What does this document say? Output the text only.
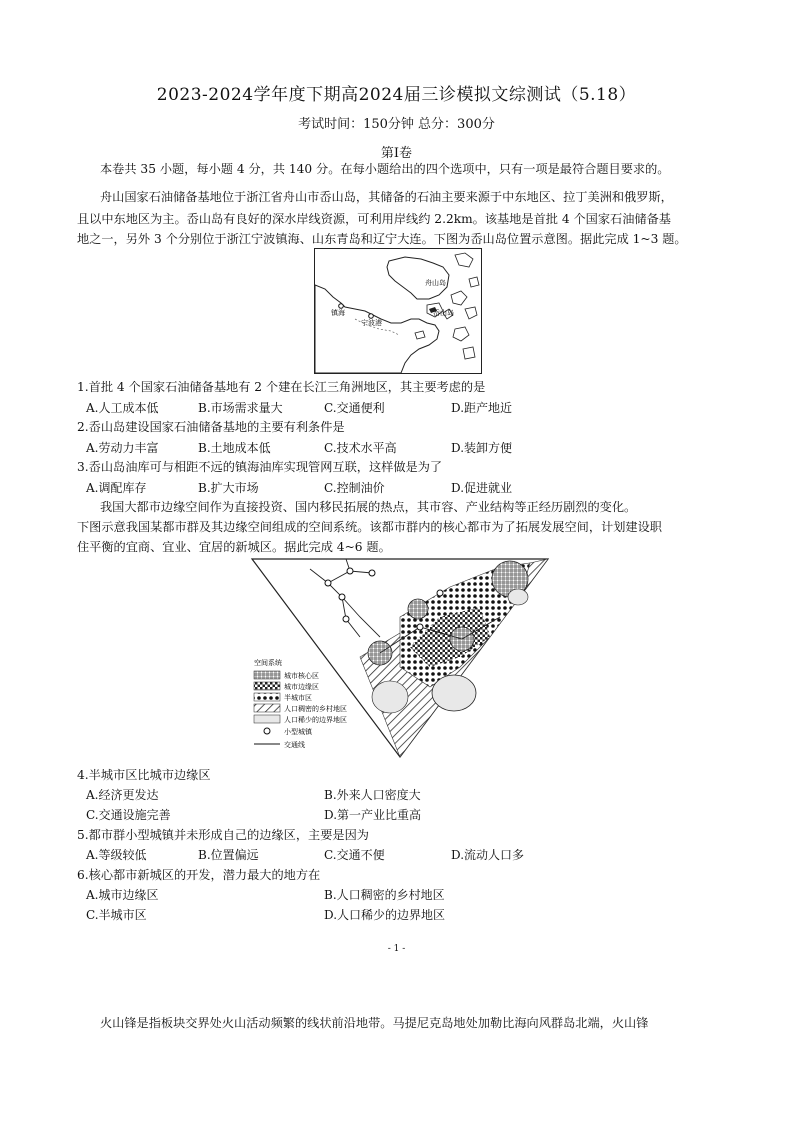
2023-2024学年度下期高2024届三诊模拟文综测试（5.18）
考试时间：150分钟 总分：300分
第Ⅰ卷
本卷共 35 小题，每小题 4 分，共 140 分。在每小题给出的四个选项中，只有一项是最符合题目要求的。
舟山国家石油储备基地位于浙江省舟山市岙山岛，其储备的石油主要来源于中东地区、拉丁美洲和俄罗斯，
且以中东地区为主。岙山岛有良好的深水岸线资源，可利用岸线约 2.2km。该基地是首批 4 个国家石油储备基
地之一，另外 3 个分别位于浙江宁波镇海、山东青岛和辽宁大连。下图为岙山岛位置示意图。据此完成 1~3 题。
舟山岛
镇海
宁波港
岙山岛
1.首批 4 个国家石油储备基地有 2 个建在长江三角洲地区，其主要考虑的是
A.人工成本低	B.市场需求量大	C.交通便利	D.距产地近
2.岙山岛建设国家石油储备基地的主要有利条件是
A.劳动力丰富	B.土地成本低	C.技术水平高	D.装卸方便
3.岙山岛油库可与相距不远的镇海油库实现管网互联，这样做是为了
A.调配库存	B.扩大市场	C.控制油价	D.促进就业
我国大都市边缘空间作为直接投资、国内移民拓展的热点，其市容、产业结构等正经历剧烈的变化。
下图示意我国某都市群及其边缘空间组成的空间系统。该都市群内的核心都市为了拓展发展空间，计划建设职
住平衡的宜商、宜业、宜居的新城区。据此完成 4~6 题。
空间系统
城市核心区
城市边缘区
半城市区
人口稠密的乡村地区
人口稀少的边界地区
小型城镇
交通线
4.半城市区比城市边缘区
A.经济更发达	B.外来人口密度大
C.交通设施完善	D.第一产业比重高
5.都市群小型城镇并未形成自己的边缘区，主要是因为
A.等级较低	B.位置偏远	C.交通不便	D.流动人口多
6.核心都市新城区的开发，潜力最大的地方在
A.城市边缘区	B.人口稠密的乡村地区
C.半城市区	D.人口稀少的边界地区
- 1 -
火山锋是指板块交界处火山活动频繁的线状前沿地带。马提尼克岛地处加勒比海向风群岛北端，火山锋
